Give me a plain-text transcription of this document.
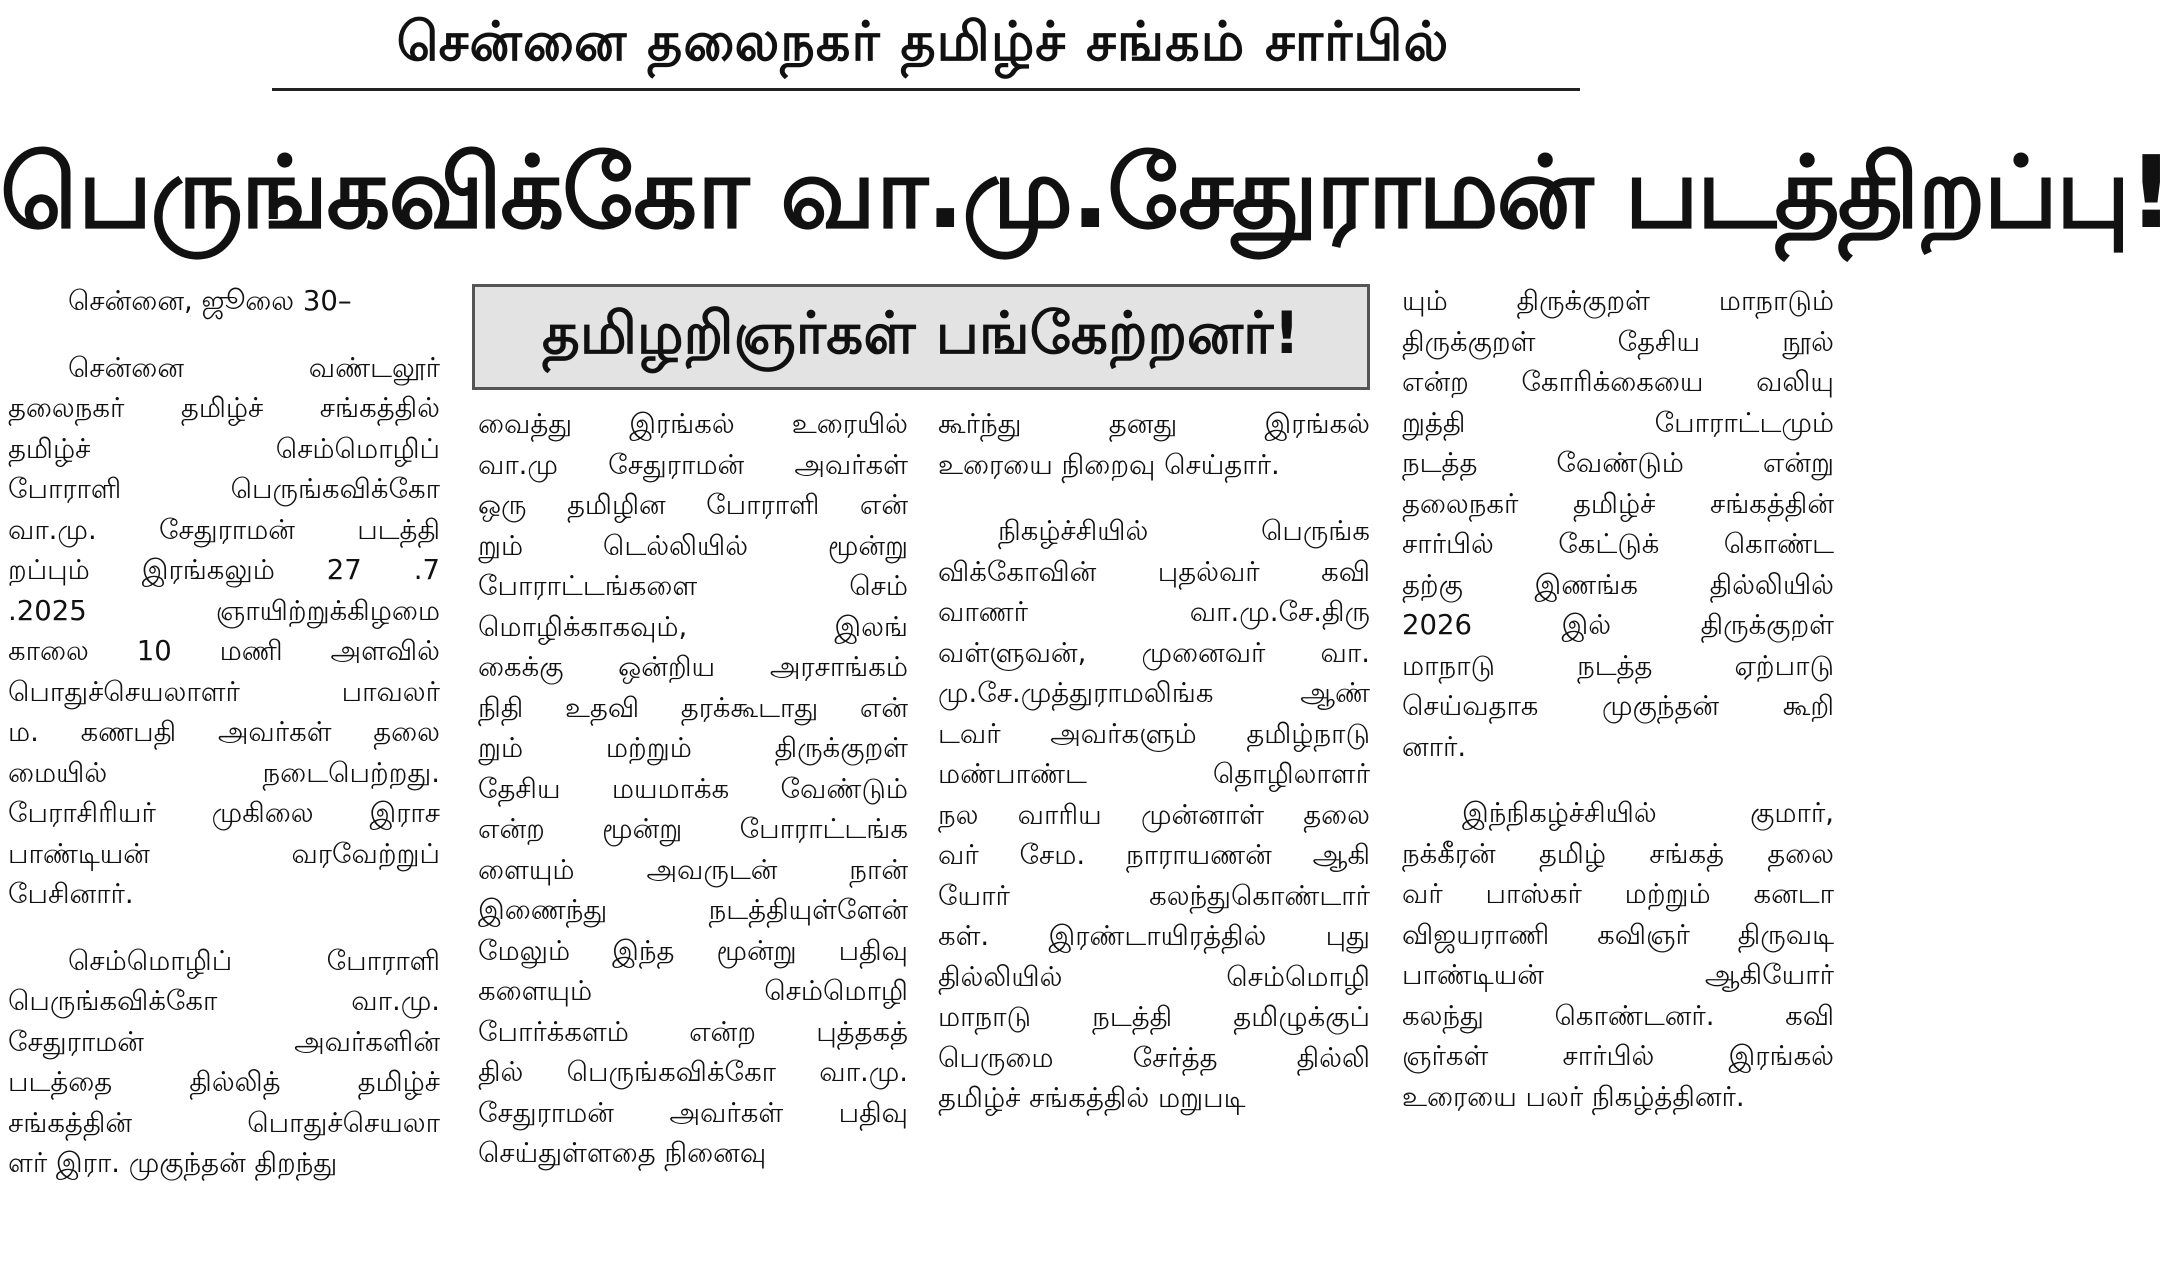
சென்னை தலைநகர் தமிழ்ச் சங்கம் சார்பில்
பெருங்கவிக்கோ வா.மு.சேதுராமன் படத்திறப்பு!
சென்னை, ஜூலை 30–
சென்னை வண்டலூர்
தலைநகர் தமிழ்ச் சங்கத்தில்
தமிழ்ச் செம்மொழிப்
போராளி பெருங்கவிக்கோ
வா.மு. சேதுராமன் படத்தி
றப்பும் இரங்கலும் 27 .7
.2025 ஞாயிற்றுக்கிழமை
காலை 10 மணி அளவில்
பொதுச்செயலாளர் பாவலர்
ம. கணபதி அவர்கள் தலை
மையில் நடைபெற்றது.
பேராசிரியர் முகிலை இராச
பாண்டியன் வரவேற்றுப்
பேசினார்.
செம்மொழிப் போராளி
பெருங்கவிக்கோ வா.மு.
சேதுராமன் அவர்களின்
படத்தை தில்லித் தமிழ்ச்
சங்கத்தின் பொதுச்செயலா
ளர் இரா. முகுந்தன் திறந்து
தமிழறிஞர்கள் பங்கேற்றனர்!
வைத்து இரங்கல் உரையில்
வா.மு சேதுராமன் அவர்கள்
ஒரு தமிழின போராளி என்
றும் டெல்லியில் மூன்று
போராட்டங்களை செம்
மொழிக்காகவும், இலங்
கைக்கு ஒன்றிய அரசாங்கம்
நிதி உதவி தரக்கூடாது என்
றும் மற்றும் திருக்குறள்
தேசிய மயமாக்க வேண்டும்
என்ற மூன்று போராட்டங்க
ளையும் அவருடன் நான்
இணைந்து நடத்தியுள்ளேன்
மேலும் இந்த மூன்று பதிவு
களையும் செம்மொழி
போர்க்களம் என்ற புத்தகத்
தில் பெருங்கவிக்கோ வா.மு.
சேதுராமன் அவர்கள் பதிவு
செய்துள்ளதை நினைவு
கூர்ந்து தனது இரங்கல்
உரையை நிறைவு செய்தார்.
நிகழ்ச்சியில் பெருங்க
விக்கோவின் புதல்வர் கவி
வாணர் வா.மு.சே.திரு
வள்ளுவன், முனைவர் வா.
மு.சே.முத்துராமலிங்க ஆண்
டவர் அவர்களும் தமிழ்நாடு
மண்பாண்ட தொழிலாளர்
நல வாரிய முன்னாள் தலை
வர் சேம. நாராயணன் ஆகி
யோர் கலந்துகொண்டார்
கள். இரண்டாயிரத்தில் புது
தில்லியில் செம்மொழி
மாநாடு நடத்தி தமிழுக்குப்
பெருமை சேர்த்த தில்லி
தமிழ்ச் சங்கத்தில் மறுபடி
யும் திருக்குறள் மாநாடும்
திருக்குறள் தேசிய நூல்
என்ற கோரிக்கையை வலியு
றுத்தி போராட்டமும்
நடத்த வேண்டும் என்று
தலைநகர் தமிழ்ச் சங்கத்தின்
சார்பில் கேட்டுக் கொண்ட
தற்கு இணங்க தில்லியில்
2026 இல் திருக்குறள்
மாநாடு நடத்த ஏற்பாடு
செய்வதாக முகுந்தன் கூறி
னார்.
இந்நிகழ்ச்சியில் குமார்,
நக்கீரன் தமிழ் சங்கத் தலை
வர் பாஸ்கர் மற்றும் கனடா
விஜயராணி கவிஞர் திருவடி
பாண்டியன் ஆகியோர்
கலந்து கொண்டனர். கவி
ஞர்கள் சார்பில் இரங்கல்
உரையை பலர் நிகழ்த்தினர்.
